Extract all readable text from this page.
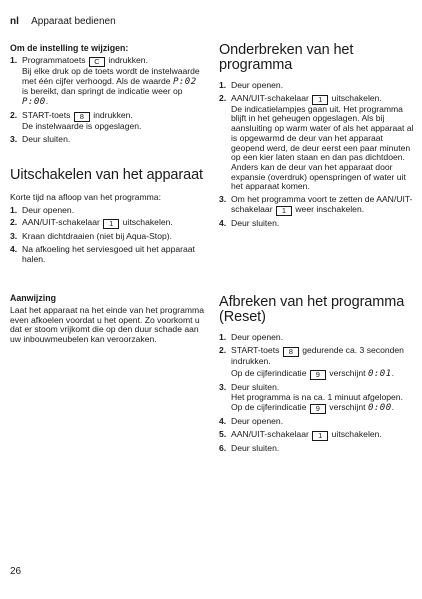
nl Apparaat bedienen
Om de instelling te wijzigen:
1. Programmatoets C indrukken.
Bij elke druk op de toets wordt de instelwaarde met één cijfer verhoogd. Als de waarde P:02 is bereikt, dan springt de indicatie weer op P:00.
2. START-toets 8 indrukken.
De instelwaarde is opgeslagen.
3. Deur sluiten.
Uitschakelen van het apparaat

Korte tijd na afloop van het programma:

1. Deur openen.
2. AAN/UIT-schakelaar 1 uitschakelen.
3. Kraan dichtdraaien (niet bij Aqua-Stop).
4. Na afkoeling het serviesgoed uit het apparaat halen.
Aanwijzing

Laat het apparaat na het einde van het programma even afkoelen voordat u het opent. Zo voorkomt u dat er stoom vrijkomt die op den duur schade aan uw inbouwmeubelen kan veroorzaken.

Onderbreken van het programma
1. Deur openen.
2. AAN/UIT-schakelaar 1 uitschakelen.
De indicatielampjes gaan uit. Het programma blijft in het geheugen opgeslagen. Als bij aansluiting op warm water of als het apparaat al is opgewarmd de deur van het apparaat geopend werd, de deur eerst een paar minuten op een kier laten staan en dan pas dichtdoen. Anders kan de deur van het apparaat door expansie (overdruk) openspringen of water uit het apparaat komen.
3. Om het programma voort te zetten de AAN/UIT-schakelaar 1 weer inschakelen.
4. Deur sluiten.
Afbreken van het programma (Reset)
1. Deur openen.
2. START-toets 8 gedurende ca. 3 seconden indrukken.
Op de cijferindicatie 9 verschijnt 0:01.
3. Deur sluiten.
Het programma is na ca. 1 minuut afgelopen. Op de cijferindicatie 9 verschijnt 0:00.
4. Deur openen.
5. AAN/UIT-schakelaar 1 uitschakelen.
6. Deur sluiten.
26
